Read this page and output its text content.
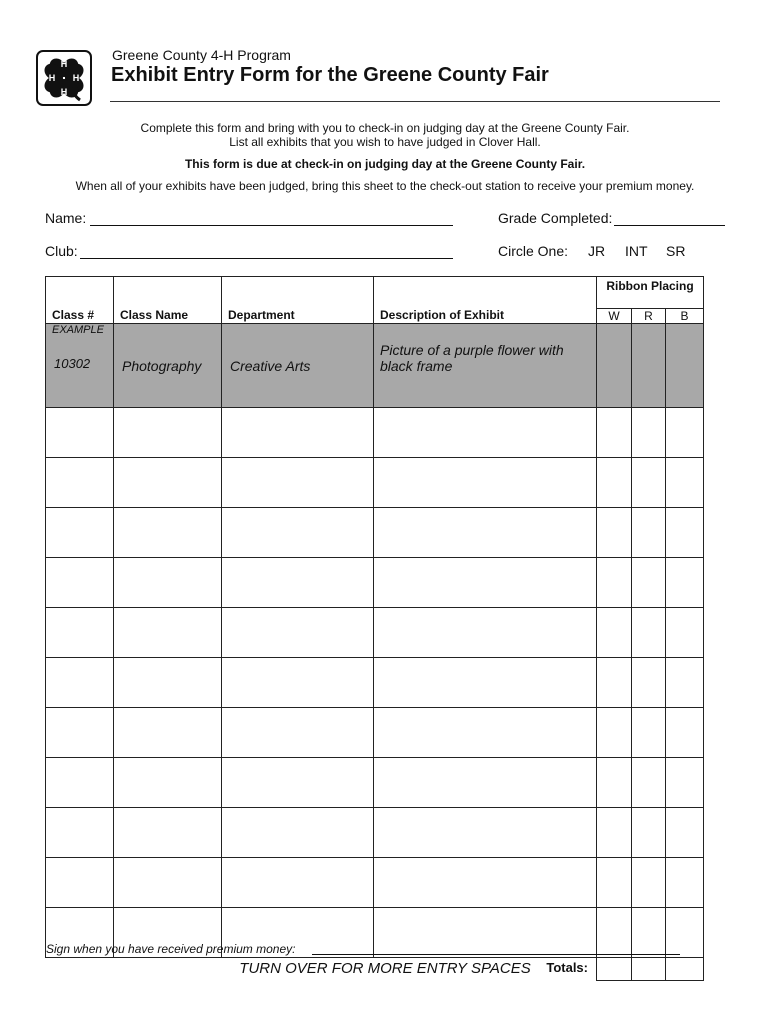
H
H
H
H
Greene County 4-H Program
Exhibit Entry Form for the Greene County Fair
Complete this form and bring with you to check-in on judging day at the Greene County Fair.
List all exhibits that you wish to have judged in Clover Hall.
This form is due at check-in on judging day at the Greene County Fair.
When all of your exhibits have been judged, bring this sheet to the check-out station to receive your premium money.
Name:	Grade Completed:
Club:	Circle One: JR INT SR
Class #	Class Name	Department	Description of Exhibit	Ribbon Placing		
				W	R	B

EXAMPLE
10302	Photography	Creative Arts	Picture of a purple flower with black frame			

Totals:						
Sign when you have received premium money:
TURN OVER FOR MORE ENTRY SPACES
